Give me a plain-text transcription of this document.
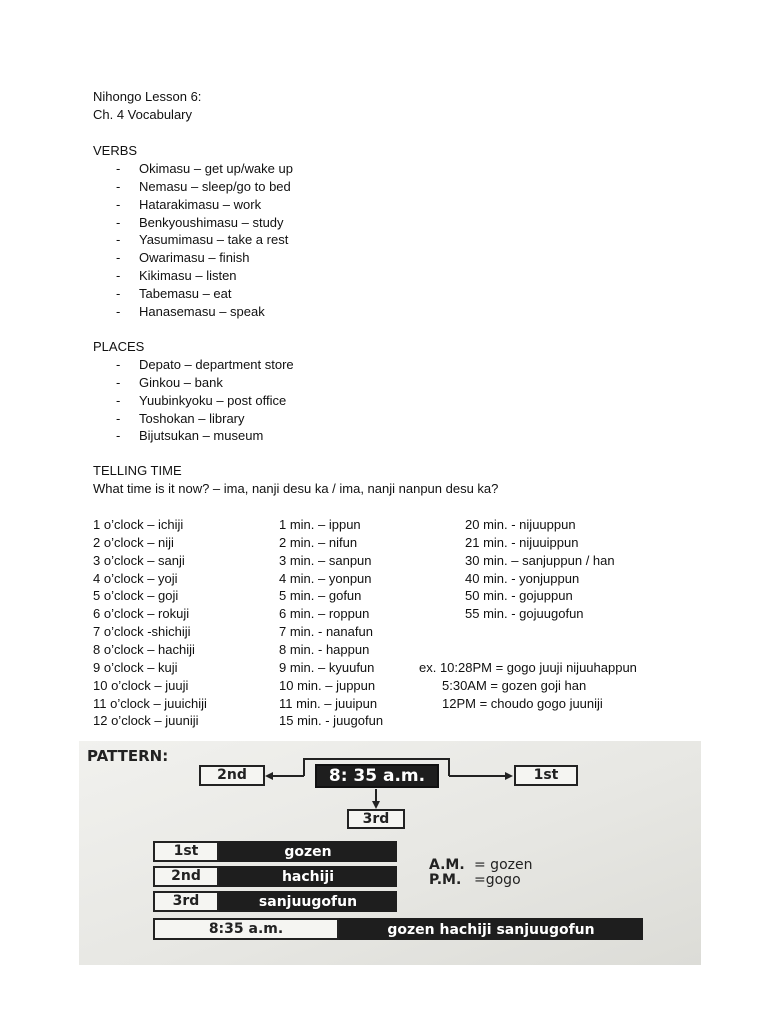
Nihongo Lesson 6:
Ch. 4 Vocabulary
VERBS
- Okimasu – get up/wake up
- Nemasu – sleep/go to bed
- Hatarakimasu – work
- Benkyoushimasu – study
- Yasumimasu – take a rest
- Owarimasu – finish
- Kikimasu – listen
- Tabemasu – eat
- Hanasemasu – speak
PLACES
- Depato – department store
- Ginkou – bank
- Yuubinkyoku – post office
- Toshokan – library
- Bijutsukan – museum
TELLING TIME
What time is it now? – ima, nanji desu ka / ima, nanji nanpun desu ka?
1 o’clock – ichiji
2 o’clock – niji
3 o’clock – sanji
4 o’clock – yoji
5 o’clock – goji
6 o’clock – rokuji
7 o’clock -shichiji
8 o’clock – hachiji
9 o’clock – kuji
10 o’clock – juuji
11 o’clock – juuichiji
12 o’clock – juuniji
1 min. – ippun
2 min. – nifun
3 min. – sanpun
4 min. – yonpun
5 min. – gofun
6 min. – roppun
7 min. - nanafun
8 min. - happun
9 min. – kyuufun
10 min. – juppun
11 min. – juuipun
15 min. - juugofun
20 min. - nijuuppun
21 min. - nijuuippun
30 min. – sanjuppun / han
40 min. - yonjuppun
50 min. - gojuppun
55 min. - gojuugofun
ex. 10:28PM = gogo juuji nijuuhappun
5:30AM = gozen goji han
12PM = choudo gogo juuniji

PATTERN:
2nd	8: 35 a.m.	1st
3rd
1st	gozen
2nd	hachiji
3rd	sanjuugofun
8:35 a.m.	gozen hachiji sanjuugofun
A.M. = gozen
P.M. =gogo
